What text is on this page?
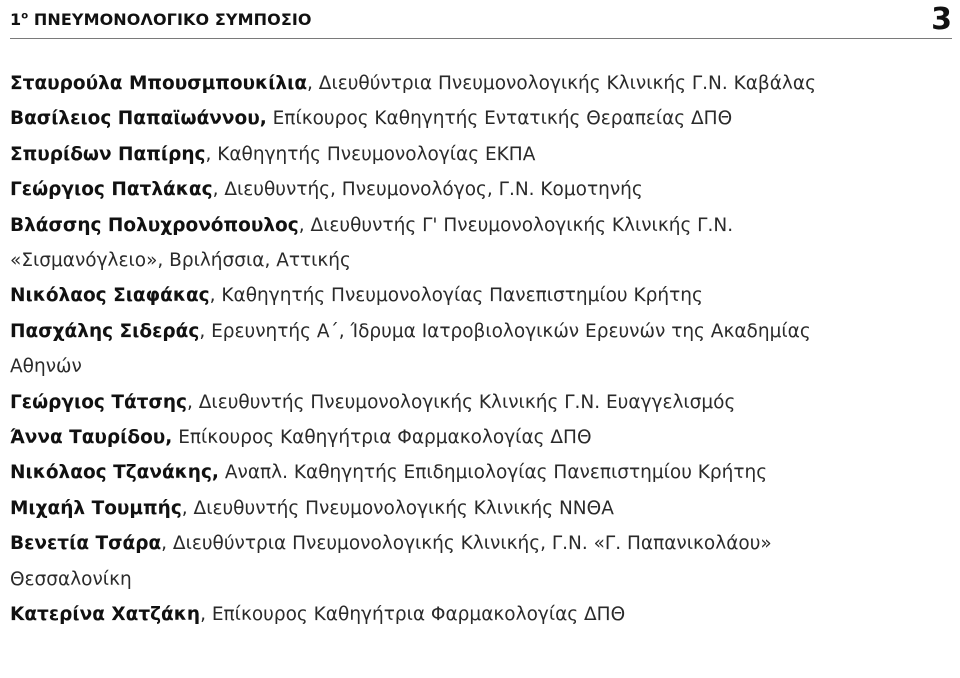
$1^o$ ΠΝΕΥΜΟΝΟΛΟΓΙΚΟ ΣΥΜΠΟΣΙΟ	3
Σταυρούλα Μπουσμπουκίλια, Διευθύντρια Πνευμονολογικής Κλινικής Γ.Ν. Καβάλας
Βασίλειος Παπαϊωάννου, Επίκουρος Καθηγητής Εντατικής Θεραπείας ΔΠΘ
Σπυρίδων Παπίρης, Καθηγητής Πνευμονολογίας ΕΚΠΑ
Γεώργιος Πατλάκας, Διευθυντής, Πνευμονολόγος, Γ.Ν. Κομοτηνής
Βλάσσης Πολυχρονόπουλος, Διευθυντής Γ' Πνευμονολογικής Κλινικής Γ.Ν.
«Σισμανόγλειο», Βριλήσσια, Αττικής
Νικόλαος Σιαφάκας, Καθηγητής Πνευμονολογίας Πανεπιστημίου Κρήτης
Πασχάλης Σιδεράς, Ερευνητής Α΄, Ίδρυμα Ιατροβιολογικών Ερευνών της Ακαδημίας
Αθηνών
Γεώργιος Τάτσης, Διευθυντής Πνευμονολογικής Κλινικής Γ.Ν. Ευαγγελισμός
Άννα Ταυρίδου, Επίκουρος Καθηγήτρια Φαρμακολογίας ΔΠΘ
Νικόλαος Τζανάκης, Αναπλ. Καθηγητής Επιδημιολογίας Πανεπιστημίου Κρήτης
Μιχαήλ Τουμπής, Διευθυντής Πνευμονολογικής Κλινικής ΝΝΘΑ
Βενετία Τσάρα, Διευθύντρια Πνευμονολογικής Κλινικής, Γ.Ν. «Γ. Παπανικολάου»
Θεσσαλονίκη
Κατερίνα Χατζάκη, Επίκουρος Καθηγήτρια Φαρμακολογίας ΔΠΘ
